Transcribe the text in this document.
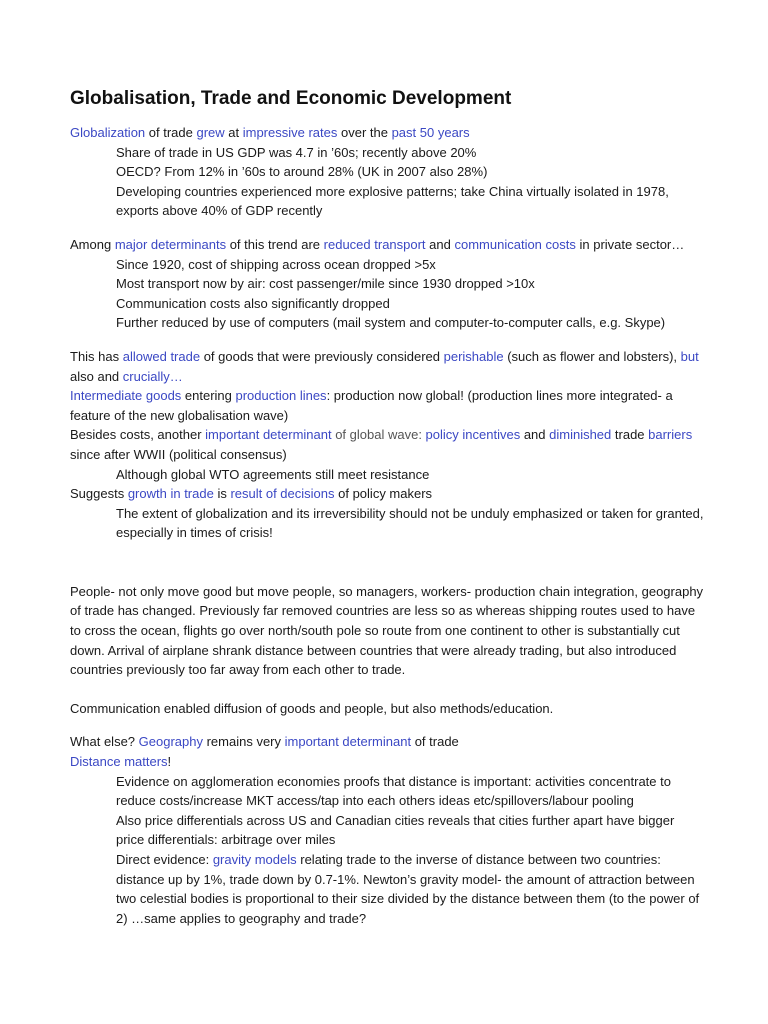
Globalisation, Trade and Economic Development

Globalization of trade grew at impressive rates over the past 50 years

Share of trade in US GDP was 4.7 in ’60s; recently above 20%

OECD? From 12% in ’60s to around 28% (UK in 2007 also 28%)

Developing countries experienced more explosive patterns; take China virtually isolated in 1978, exports above 40% of GDP recently

Among major determinants of this trend are reduced transport and communication costs in private sector…

Since 1920, cost of shipping across ocean dropped >5x

Most transport now by air: cost passenger/mile since 1930 dropped >10x

Communication costs also significantly dropped

Further reduced by use of computers (mail system and computer-to-computer calls, e.g. Skype)

This has allowed trade of goods that were previously considered perishable (such as flower and lobsters), but also and crucially…

Intermediate goods entering production lines: production now global! (production lines more integrated- a feature of the new globalisation wave)

Besides costs, another important determinant of global wave: policy incentives and diminished trade barriers since after WWII (political consensus)

Although global WTO agreements still meet resistance

Suggests growth in trade is result of decisions of policy makers

The extent of globalization and its irreversibility should not be unduly emphasized or taken for granted, especially in times of crisis!

People- not only move good but move people, so managers, workers- production chain integration, geography of trade has changed. Previously far removed countries are less so as whereas shipping routes used to have to cross the ocean, flights go over north/south pole so route from one continent to other is substantially cut down. Arrival of airplane shrank distance between countries that were already trading, but also introduced countries previously too far away from each other to trade.

Communication enabled diffusion of goods and people, but also methods/education.

What else? Geography remains very important determinant of trade

Distance matters!

Evidence on agglomeration economies proofs that distance is important: activities concentrate to reduce costs/increase MKT access/tap into each others ideas etc/spillovers/labour pooling

Also price differentials across US and Canadian cities reveals that cities further apart have bigger price differentials: arbitrage over miles

Direct evidence: gravity models relating trade to the inverse of distance between two countries: distance up by 1%, trade down by 0.7-1%. Newton’s gravity model- the amount of attraction between two celestial bodies is proportional to their size divided by the distance between them (to the power of 2) …same applies to geography and trade?
